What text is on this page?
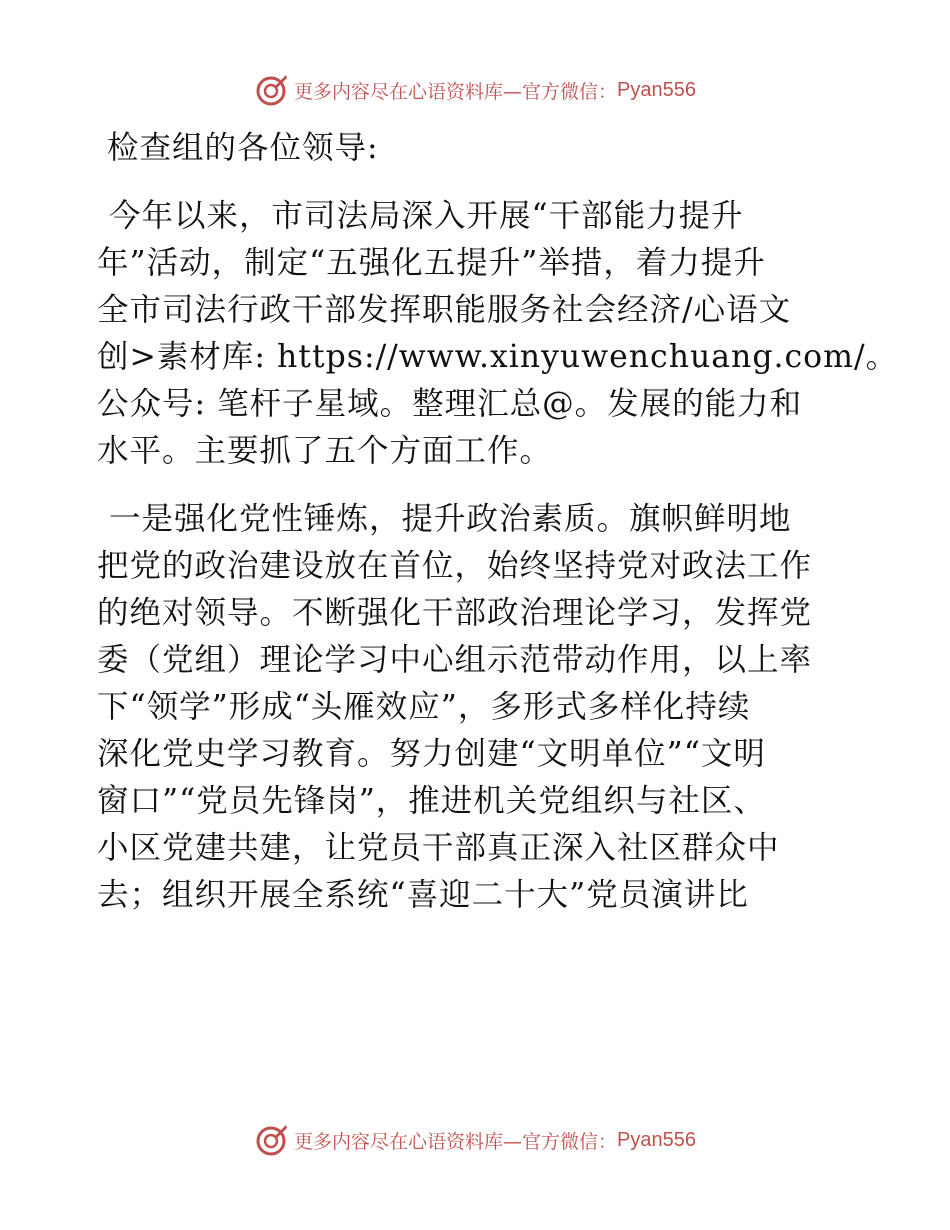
更多内容尽在心语资料库—官方微信： Pyan556

检查组的各位领导:

今年以来，市司法局深入开展“干部能力提升

年”活动，制定“五强化五提升”举措，着力提升

全市司法行政干部发挥职能服务社会经济/心语文

创>素材库: https://www.xinyuwenchuang.com/。

公众号: 笔杆子星域。整理汇总@。发展的能力和

水平。主要抓了五个方面工作。

一是强化党性锤炼，提升政治素质。旗帜鲜明地

把党的政治建设放在首位，始终坚持党对政法工作

的绝对领导。不断强化干部政治理论学习，发挥党

委（党组）理论学习中心组示范带动作用，以上率

下“领学”形成“头雁效应”，多形式多样化持续

深化党史学习教育。努力创建“文明单位”“文明

窗口”“党员先锋岗”，推进机关党组织与社区、

小区党建共建，让党员干部真正深入社区群众中

去；组织开展全系统“喜迎二十大”党员演讲比

更多内容尽在心语资料库—官方微信： Pyan556
